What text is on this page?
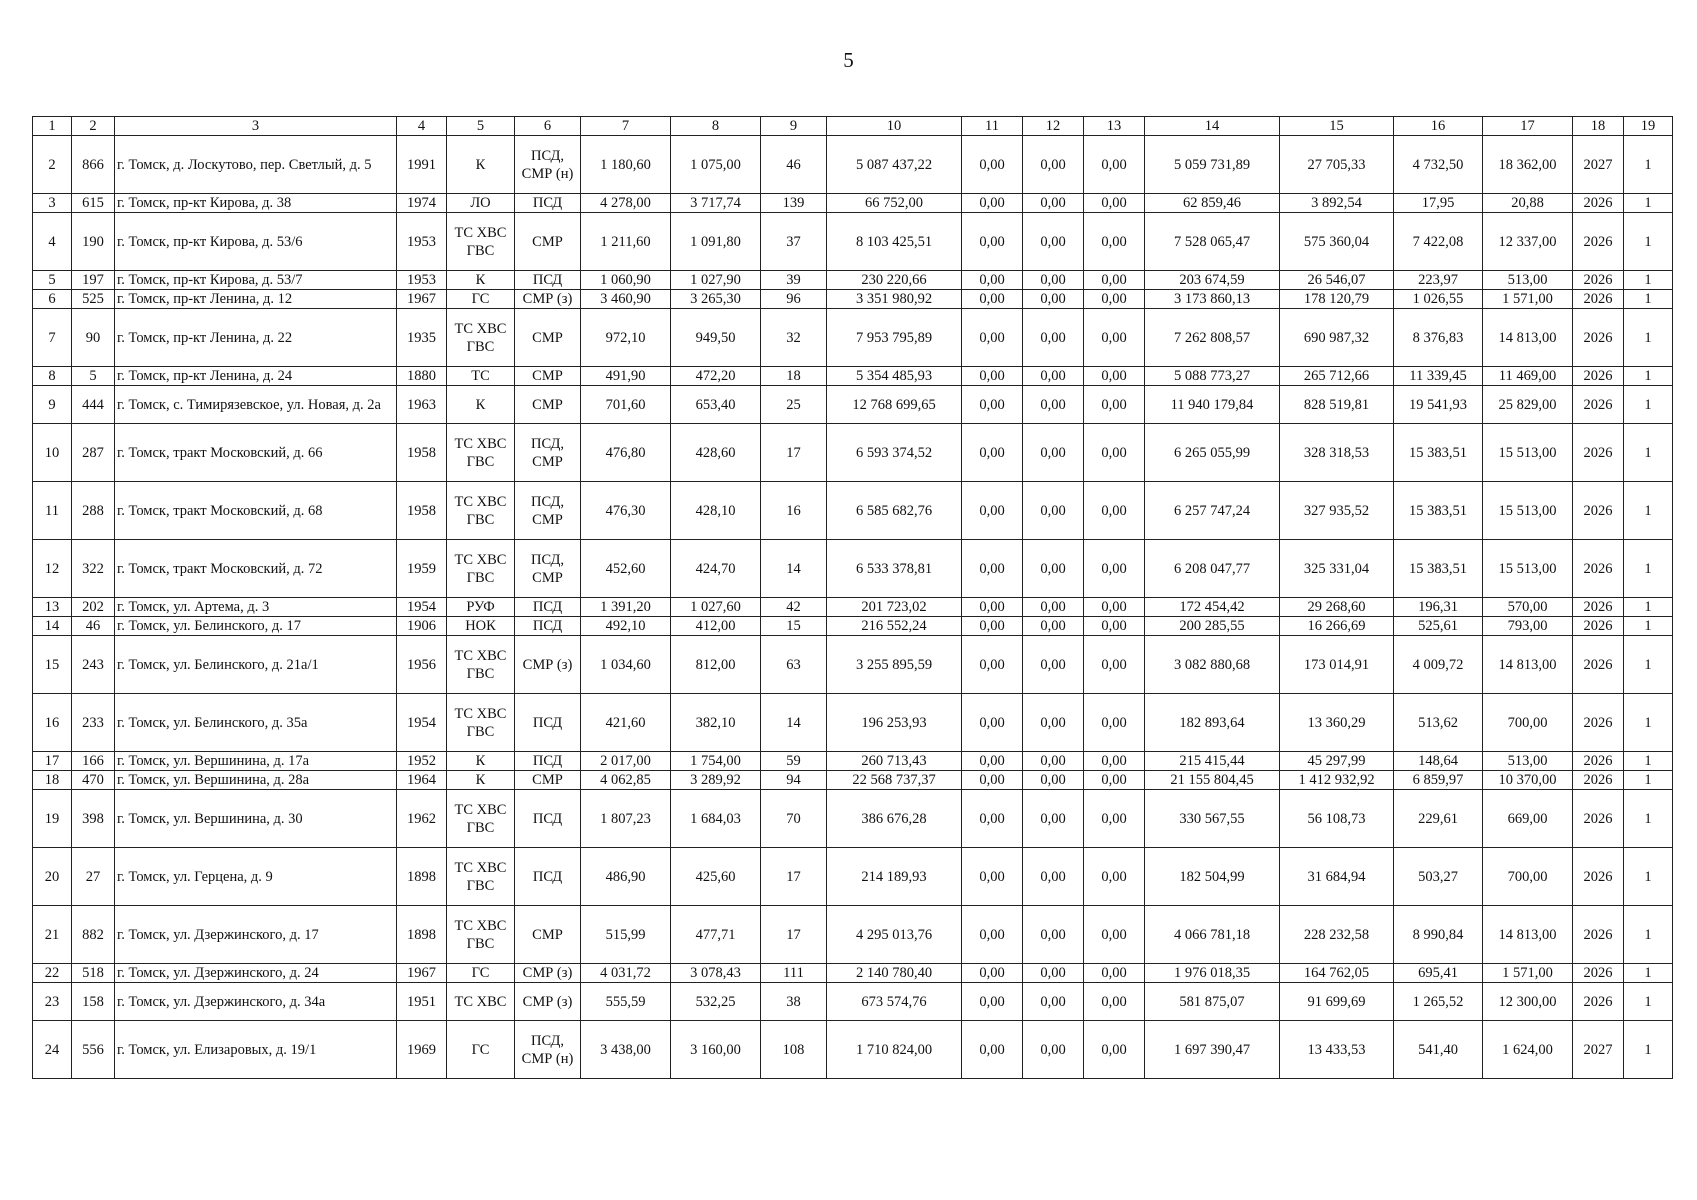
5
1	2	3	4	5	6	7	8	9	10	11	12	13	14	15	16	17	18	19
2	866	г. Томск, д. Лоскутово, пер. Светлый, д. 5	1991	К	ПСД, СМР (н)	1 180,60	1 075,00	46	5 087 437,22	0,00	0,00	0,00	5 059 731,89	27 705,33	4 732,50	18 362,00	2027	1
3	615	г. Томск, пр-кт Кирова, д. 38	1974	ЛО	ПСД	4 278,00	3 717,74	139	66 752,00	0,00	0,00	0,00	62 859,46	3 892,54	17,95	20,88	2026	1
4	190	г. Томск, пр-кт Кирова, д. 53/6	1953	ТС ХВС ГВС	СМР	1 211,60	1 091,80	37	8 103 425,51	0,00	0,00	0,00	7 528 065,47	575 360,04	7 422,08	12 337,00	2026	1
5	197	г. Томск, пр-кт Кирова, д. 53/7	1953	К	ПСД	1 060,90	1 027,90	39	230 220,66	0,00	0,00	0,00	203 674,59	26 546,07	223,97	513,00	2026	1
6	525	г. Томск, пр-кт Ленина, д. 12	1967	ГС	СМР (з)	3 460,90	3 265,30	96	3 351 980,92	0,00	0,00	0,00	3 173 860,13	178 120,79	1 026,55	1 571,00	2026	1
7	90	г. Томск, пр-кт Ленина, д. 22	1935	ТС ХВС ГВС	СМР	972,10	949,50	32	7 953 795,89	0,00	0,00	0,00	7 262 808,57	690 987,32	8 376,83	14 813,00	2026	1
8	5	г. Томск, пр-кт Ленина, д. 24	1880	ТС	СМР	491,90	472,20	18	5 354 485,93	0,00	0,00	0,00	5 088 773,27	265 712,66	11 339,45	11 469,00	2026	1
9	444	г. Томск, с. Тимирязевское, ул. Новая, д. 2а	1963	К	СМР	701,60	653,40	25	12 768 699,65	0,00	0,00	0,00	11 940 179,84	828 519,81	19 541,93	25 829,00	2026	1
10	287	г. Томск, тракт Московский, д. 66	1958	ТС ХВС ГВС	ПСД, СМР	476,80	428,60	17	6 593 374,52	0,00	0,00	0,00	6 265 055,99	328 318,53	15 383,51	15 513,00	2026	1
11	288	г. Томск, тракт Московский, д. 68	1958	ТС ХВС ГВС	ПСД, СМР	476,30	428,10	16	6 585 682,76	0,00	0,00	0,00	6 257 747,24	327 935,52	15 383,51	15 513,00	2026	1
12	322	г. Томск, тракт Московский, д. 72	1959	ТС ХВС ГВС	ПСД, СМР	452,60	424,70	14	6 533 378,81	0,00	0,00	0,00	6 208 047,77	325 331,04	15 383,51	15 513,00	2026	1
13	202	г. Томск, ул. Артема, д. 3	1954	РУФ	ПСД	1 391,20	1 027,60	42	201 723,02	0,00	0,00	0,00	172 454,42	29 268,60	196,31	570,00	2026	1
14	46	г. Томск, ул. Белинского, д. 17	1906	НОК	ПСД	492,10	412,00	15	216 552,24	0,00	0,00	0,00	200 285,55	16 266,69	525,61	793,00	2026	1
15	243	г. Томск, ул. Белинского, д. 21а/1	1956	ТС ХВС ГВС	СМР (з)	1 034,60	812,00	63	3 255 895,59	0,00	0,00	0,00	3 082 880,68	173 014,91	4 009,72	14 813,00	2026	1
16	233	г. Томск, ул. Белинского, д. 35а	1954	ТС ХВС ГВС	ПСД	421,60	382,10	14	196 253,93	0,00	0,00	0,00	182 893,64	13 360,29	513,62	700,00	2026	1
17	166	г. Томск, ул. Вершинина, д. 17а	1952	К	ПСД	2 017,00	1 754,00	59	260 713,43	0,00	0,00	0,00	215 415,44	45 297,99	148,64	513,00	2026	1
18	470	г. Томск, ул. Вершинина, д. 28а	1964	К	СМР	4 062,85	3 289,92	94	22 568 737,37	0,00	0,00	0,00	21 155 804,45	1 412 932,92	6 859,97	10 370,00	2026	1
19	398	г. Томск, ул. Вершинина, д. 30	1962	ТС ХВС ГВС	ПСД	1 807,23	1 684,03	70	386 676,28	0,00	0,00	0,00	330 567,55	56 108,73	229,61	669,00	2026	1
20	27	г. Томск, ул. Герцена, д. 9	1898	ТС ХВС ГВС	ПСД	486,90	425,60	17	214 189,93	0,00	0,00	0,00	182 504,99	31 684,94	503,27	700,00	2026	1
21	882	г. Томск, ул. Дзержинского, д. 17	1898	ТС ХВС ГВС	СМР	515,99	477,71	17	4 295 013,76	0,00	0,00	0,00	4 066 781,18	228 232,58	8 990,84	14 813,00	2026	1
22	518	г. Томск, ул. Дзержинского, д. 24	1967	ГС	СМР (з)	4 031,72	3 078,43	111	2 140 780,40	0,00	0,00	0,00	1 976 018,35	164 762,05	695,41	1 571,00	2026	1
23	158	г. Томск, ул. Дзержинского, д. 34а	1951	ТС ХВС	СМР (з)	555,59	532,25	38	673 574,76	0,00	0,00	0,00	581 875,07	91 699,69	1 265,52	12 300,00	2026	1
24	556	г. Томск, ул. Елизаровых, д. 19/1	1969	ГС	ПСД, СМР (н)	3 438,00	3 160,00	108	1 710 824,00	0,00	0,00	0,00	1 697 390,47	13 433,53	541,40	1 624,00	2027	1
